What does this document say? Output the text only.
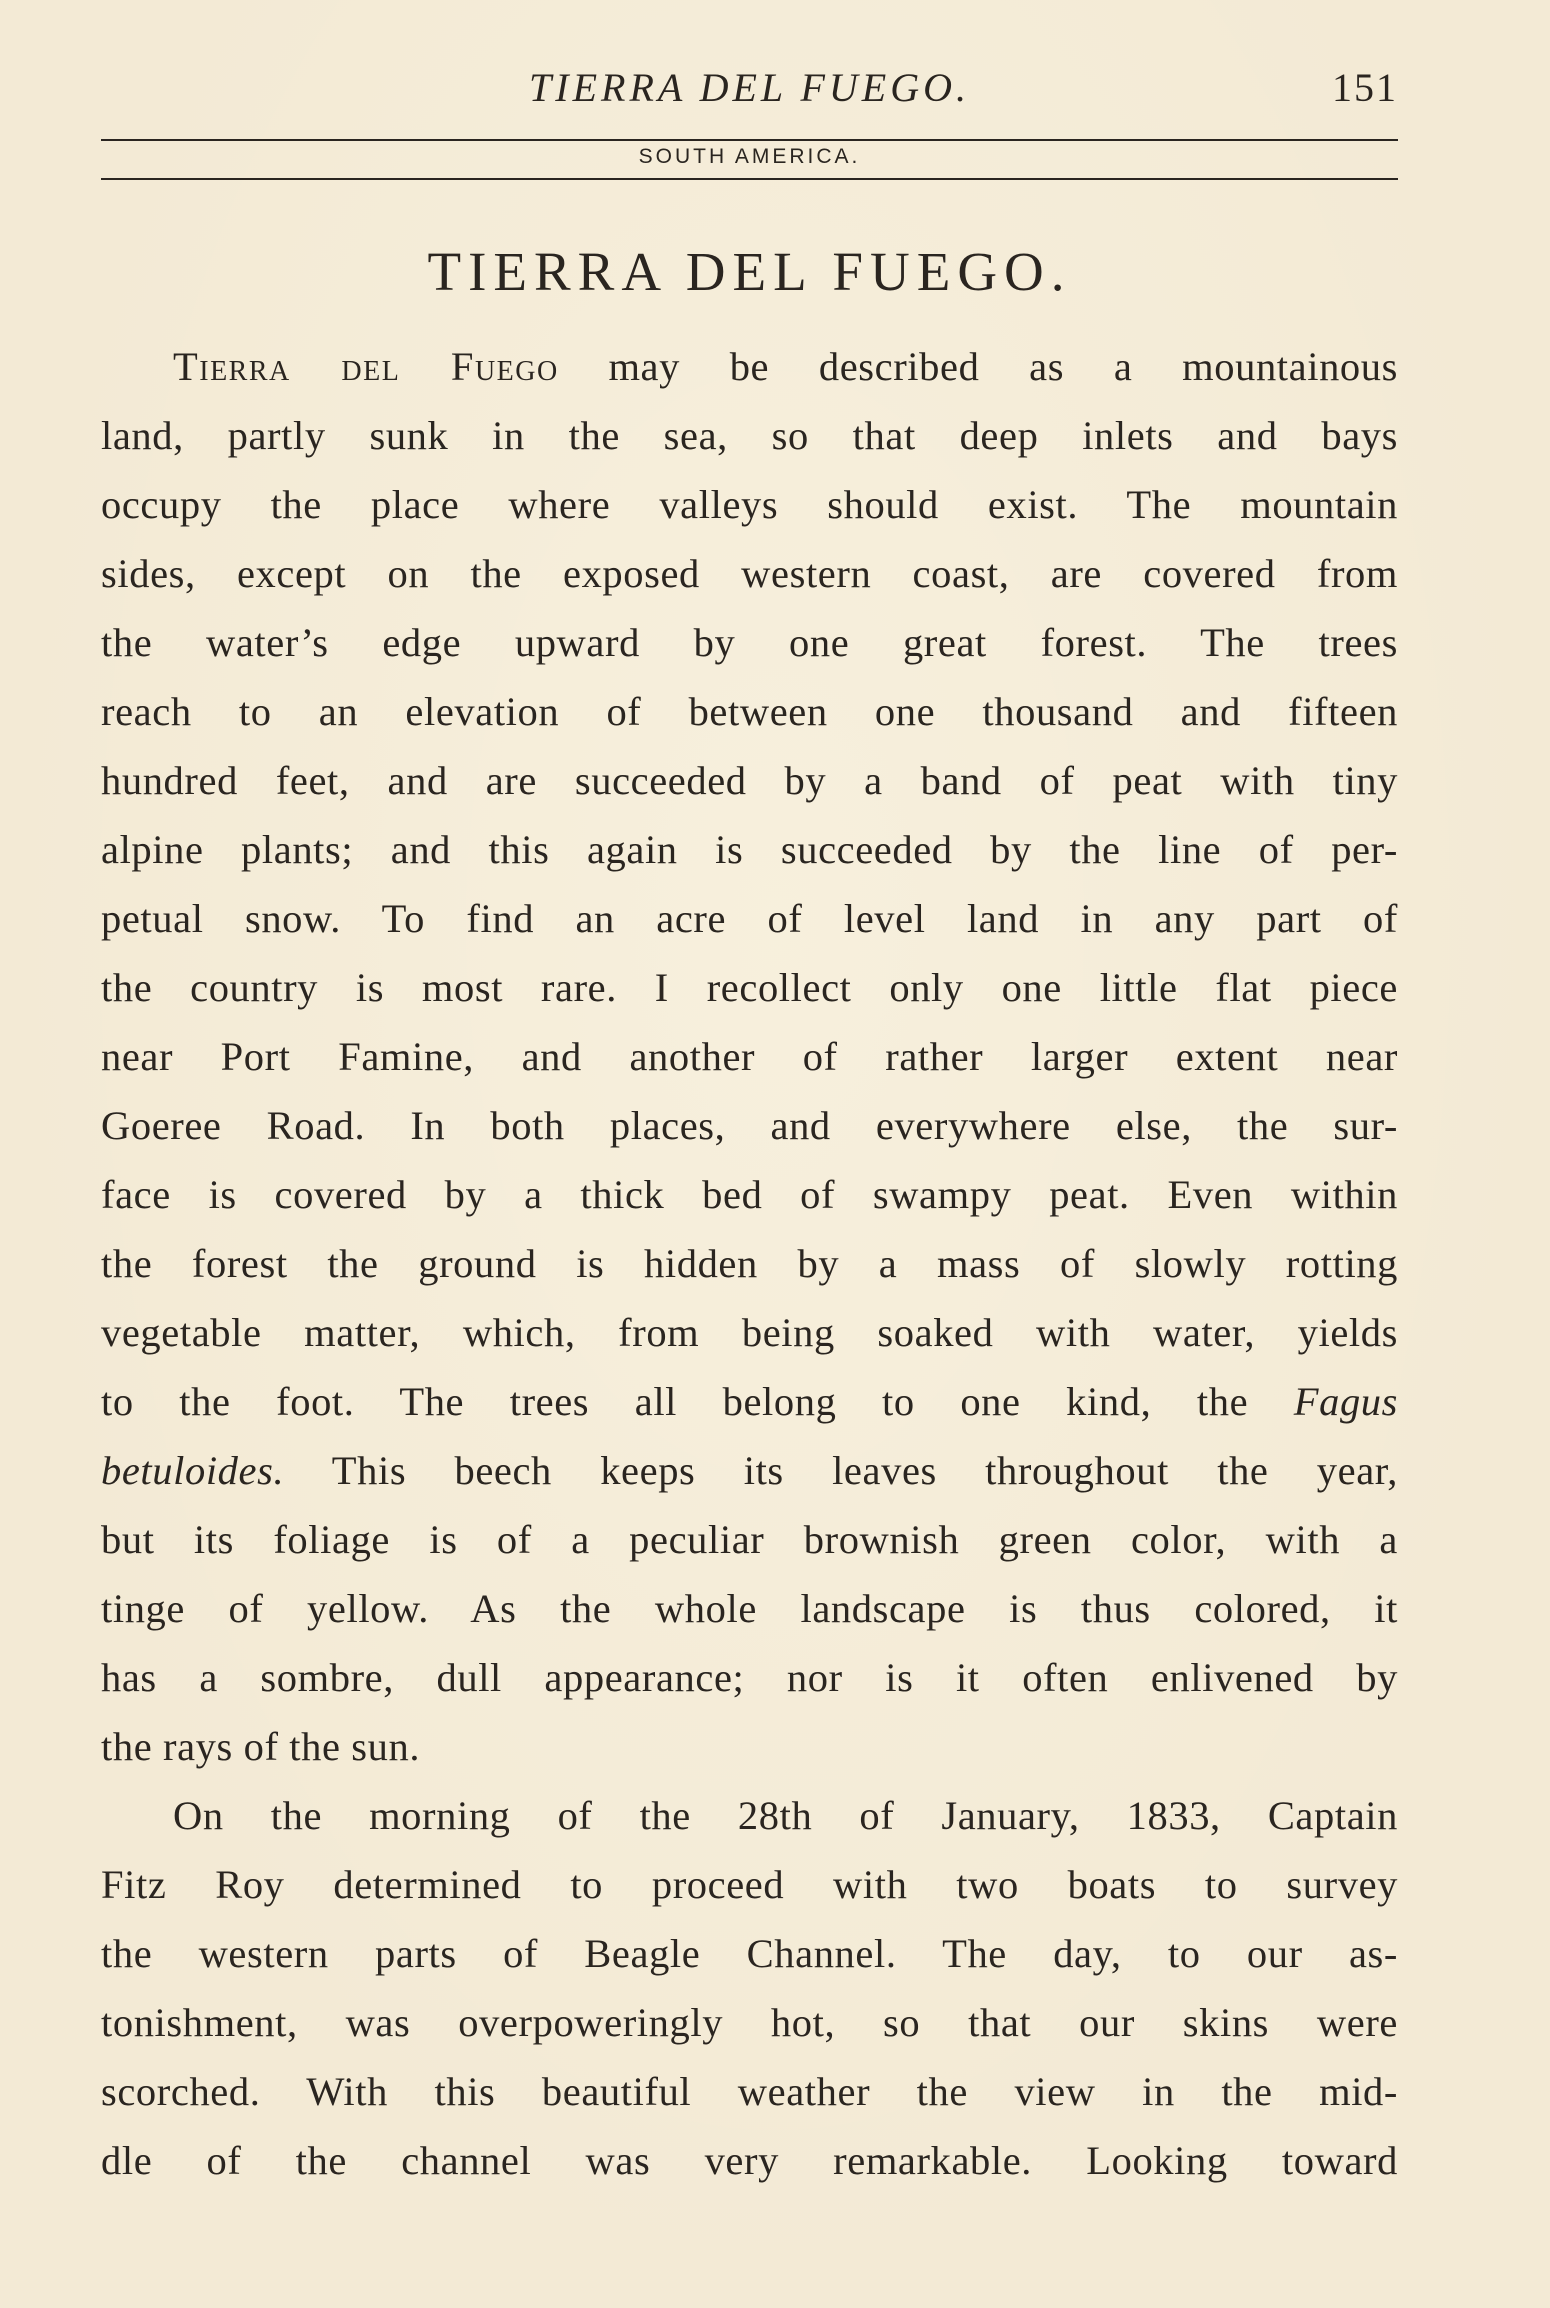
TIERRA DEL FUEGO.	151
SOUTH AMERICA.
TIERRA DEL FUEGO.

Tierra del Fuego may be described as a mountainous
land, partly sunk in the sea, so that deep inlets and bays
occupy the place where valleys should exist. The mountain
sides, except on the exposed western coast, are covered from
the water’s edge upward by one great forest. The trees
reach to an elevation of between one thousand and fifteen
hundred feet, and are succeeded by a band of peat with tiny
alpine plants; and this again is succeeded by the line of per-
petual snow. To find an acre of level land in any part of
the country is most rare. I recollect only one little flat piece
near Port Famine, and another of rather larger extent near
Goeree Road. In both places, and everywhere else, the sur-
face is covered by a thick bed of swampy peat. Even within
the forest the ground is hidden by a mass of slowly rotting
vegetable matter, which, from being soaked with water, yields
to the foot. The trees all belong to one kind, the Fagus
betuloides. This beech keeps its leaves throughout the year,
but its foliage is of a peculiar brownish green color, with a
tinge of yellow. As the whole landscape is thus colored, it
has a sombre, dull appearance; nor is it often enlivened by
the rays of the sun.

On the morning of the 28th of January, 1833, Captain
Fitz Roy determined to proceed with two boats to survey
the western parts of Beagle Channel. The day, to our as-
tonishment, was overpoweringly hot, so that our skins were
scorched. With this beautiful weather the view in the mid-
dle of the channel was very remarkable. Looking toward
